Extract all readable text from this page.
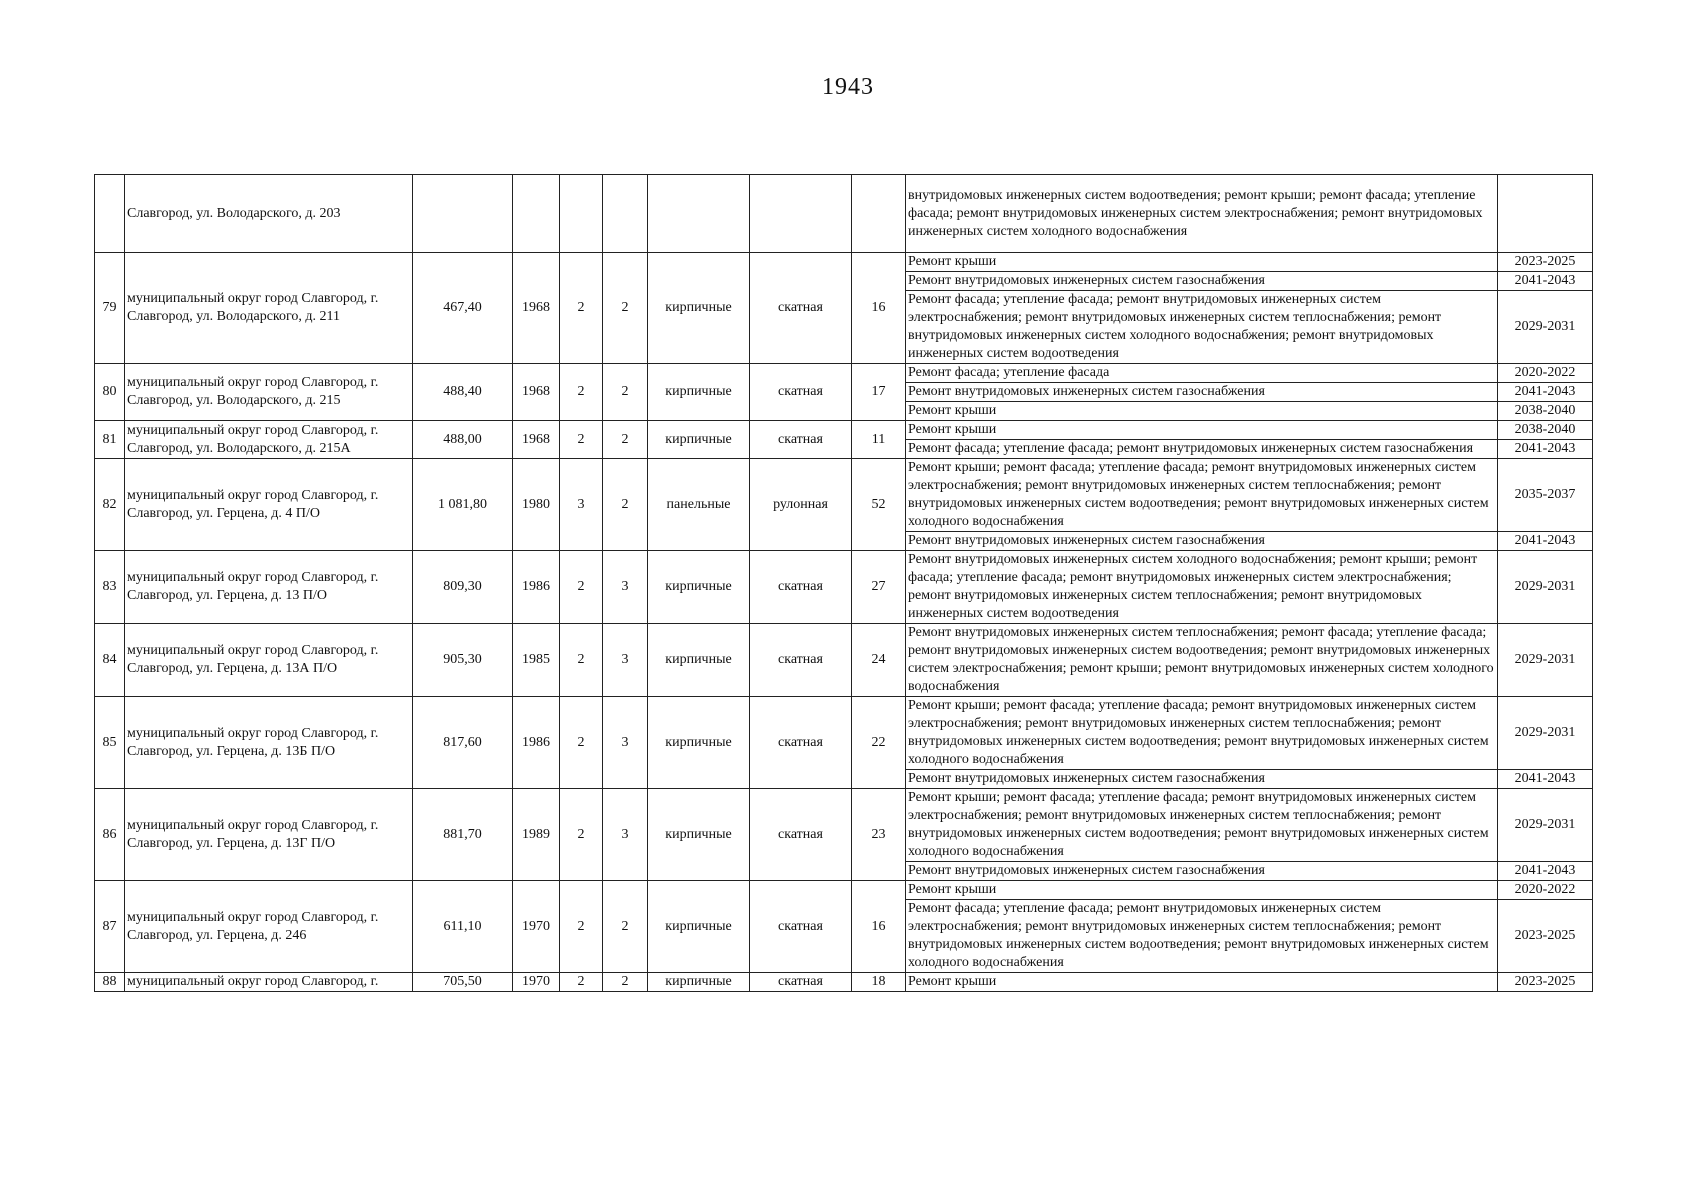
1943
	Славгород, ул. Володарского, д. 203								внутридомовых инженерных систем водоотведения; ремонт крыши; ремонт фасада; утепление фасада; ремонт внутридомовых инженерных систем электроснабжения; ремонт внутридомовых инженерных систем холодного водоснабжения	
79	муниципальный округ город Славгород, г. Славгород, ул. Володарского, д. 211	467,40	1968	2	2	кирпичные	скатная	16	Ремонт крыши	2023-2025
									Ремонт внутридомовых инженерных систем газоснабжения	2041-2043
									Ремонт фасада; утепление фасада; ремонт внутридомовых инженерных систем электроснабжения; ремонт внутридомовых инженерных систем теплоснабжения; ремонт внутридомовых инженерных систем холодного водоснабжения; ремонт внутридомовых инженерных систем водоотведения	2029-2031
80	муниципальный округ город Славгород, г. Славгород, ул. Володарского, д. 215	488,40	1968	2	2	кирпичные	скатная	17	Ремонт фасада; утепление фасада	2020-2022
									Ремонт внутридомовых инженерных систем газоснабжения	2041-2043
									Ремонт крыши	2038-2040
81	муниципальный округ город Славгород, г. Славгород, ул. Володарского, д. 215А	488,00	1968	2	2	кирпичные	скатная	11	Ремонт крыши	2038-2040
									Ремонт фасада; утепление фасада; ремонт внутридомовых инженерных систем газоснабжения	2041-2043
82	муниципальный округ город Славгород, г. Славгород, ул. Герцена, д. 4 П/О	1 081,80	1980	3	2	панельные	рулонная	52	Ремонт крыши; ремонт фасада; утепление фасада; ремонт внутридомовых инженерных систем электроснабжения; ремонт внутридомовых инженерных систем теплоснабжения; ремонт внутридомовых инженерных систем водоотведения; ремонт внутридомовых инженерных систем холодного водоснабжения	2035-2037
									Ремонт внутридомовых инженерных систем газоснабжения	2041-2043
83	муниципальный округ город Славгород, г. Славгород, ул. Герцена, д. 13 П/О	809,30	1986	2	3	кирпичные	скатная	27	Ремонт внутридомовых инженерных систем холодного водоснабжения; ремонт крыши; ремонт фасада; утепление фасада; ремонт внутридомовых инженерных систем электроснабжения; ремонт внутридомовых инженерных систем теплоснабжения; ремонт внутридомовых инженерных систем водоотведения	2029-2031
84	муниципальный округ город Славгород, г. Славгород, ул. Герцена, д. 13А П/О	905,30	1985	2	3	кирпичные	скатная	24	Ремонт внутридомовых инженерных систем теплоснабжения; ремонт фасада; утепление фасада; ремонт внутридомовых инженерных систем водоотведения; ремонт внутридомовых инженерных систем электроснабжения; ремонт крыши; ремонт внутридомовых инженерных систем холодного водоснабжения	2029-2031
85	муниципальный округ город Славгород, г. Славгород, ул. Герцена, д. 13Б П/О	817,60	1986	2	3	кирпичные	скатная	22	Ремонт крыши; ремонт фасада; утепление фасада; ремонт внутридомовых инженерных систем электроснабжения; ремонт внутридомовых инженерных систем теплоснабжения; ремонт внутридомовых инженерных систем водоотведения; ремонт внутридомовых инженерных систем холодного водоснабжения	2029-2031
									Ремонт внутридомовых инженерных систем газоснабжения	2041-2043
86	муниципальный округ город Славгород, г. Славгород, ул. Герцена, д. 13Г П/О	881,70	1989	2	3	кирпичные	скатная	23	Ремонт крыши; ремонт фасада; утепление фасада; ремонт внутридомовых инженерных систем электроснабжения; ремонт внутридомовых инженерных систем теплоснабжения; ремонт внутридомовых инженерных систем водоотведения; ремонт внутридомовых инженерных систем холодного водоснабжения	2029-2031
									Ремонт внутридомовых инженерных систем газоснабжения	2041-2043
87	муниципальный округ город Славгород, г. Славгород, ул. Герцена, д. 246	611,10	1970	2	2	кирпичные	скатная	16	Ремонт крыши	2020-2022
									Ремонт фасада; утепление фасада; ремонт внутридомовых инженерных систем электроснабжения; ремонт внутридомовых инженерных систем теплоснабжения; ремонт внутридомовых инженерных систем водоотведения; ремонт внутридомовых инженерных систем холодного водоснабжения	2023-2025
88	муниципальный округ город Славгород, г.	705,50	1970	2	2	кирпичные	скатная	18	Ремонт крыши	2023-2025
